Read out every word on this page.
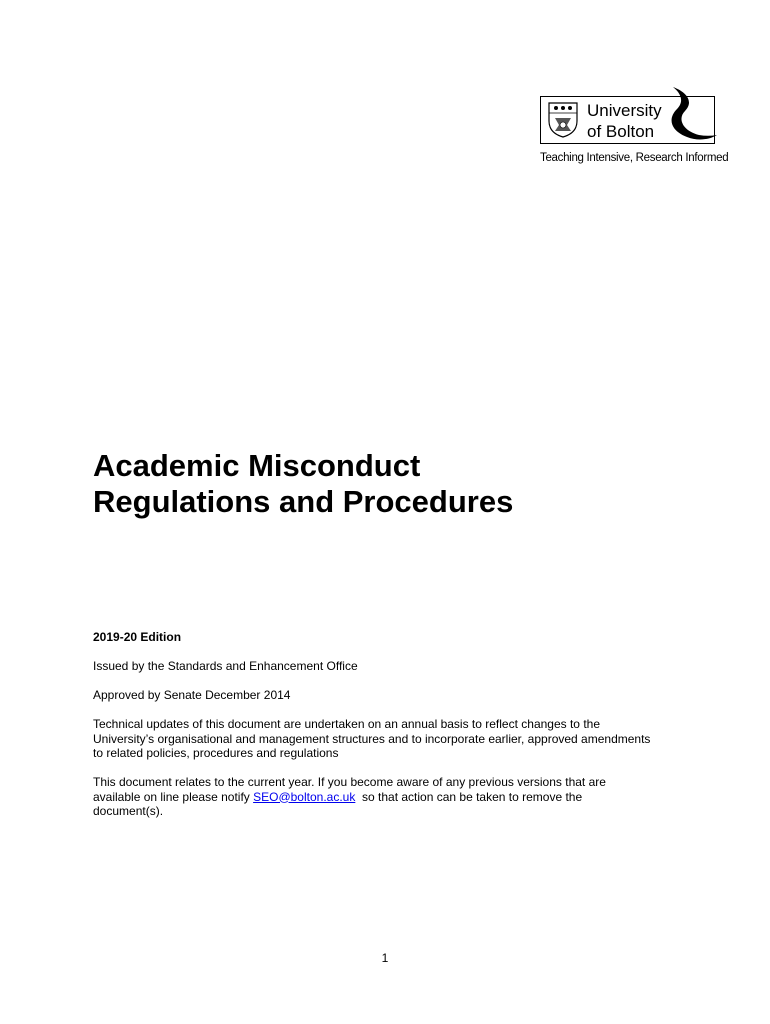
University
of Bolton
Teaching Intensive, Research Informed
Academic Misconduct
Regulations and Procedures

2019-20 Edition

Issued by the Standards and Enhancement Office

Approved by Senate December 2014

Technical updates of this document are undertaken on an annual basis to reflect changes to the University’s organisational and management structures and to incorporate earlier, approved amendments to related policies, procedures and regulations

This document relates to the current year. If you become aware of any previous versions that are available on line please notify SEO@bolton.ac.uk  so that action can be taken to remove the document(s).

1
